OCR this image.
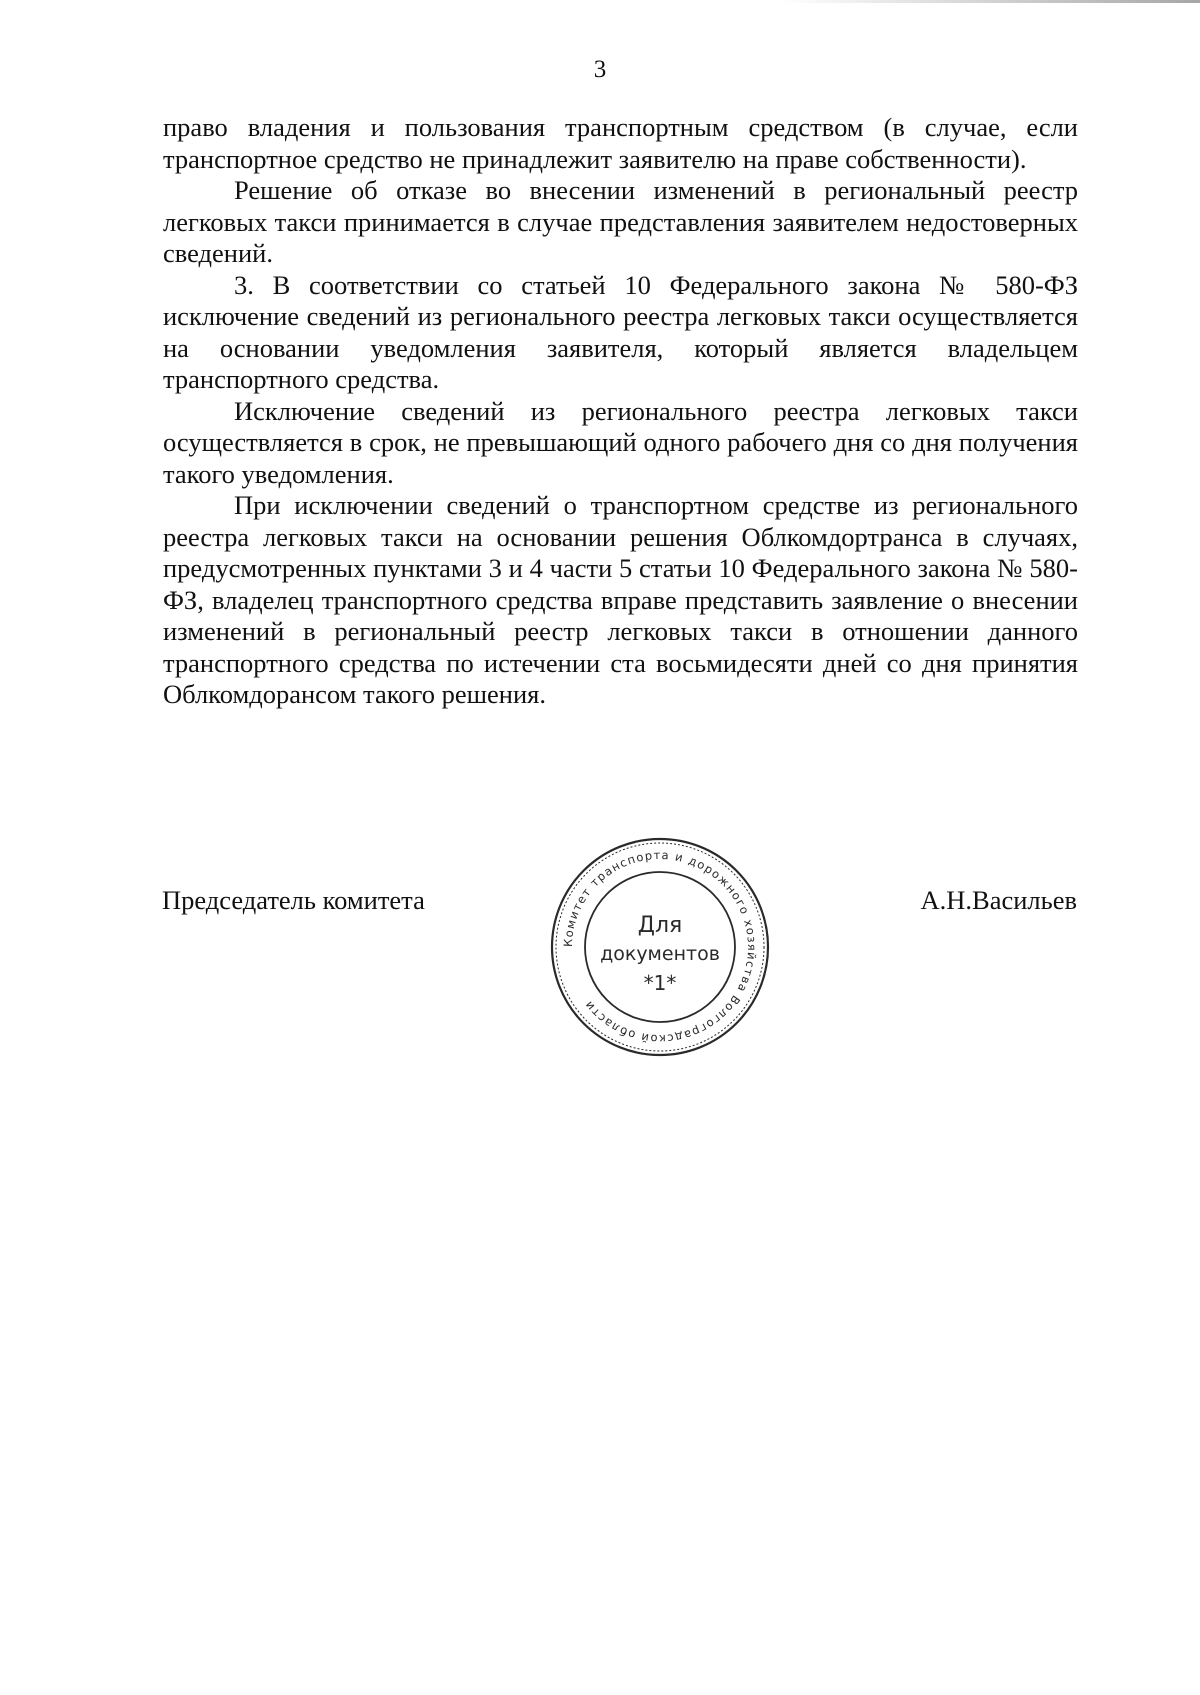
3

право владения и пользования транспортным средством (в случае, если транспортное средство не принадлежит заявителю на праве собственности).

Решение об отказе во внесении изменений в региональный реестр легковых такси принимается в случае представления заявителем недостоверных сведений.

3. В соответствии со статьей 10 Федерального закона № 580-ФЗ исключение сведений из регионального реестра легковых такси осуществляется на основании уведомления заявителя, который является владельцем транспортного средства.

Исключение сведений из регионального реестра легковых такси осуществляется в срок, не превышающий одного рабочего дня со дня получения такого уведомления.

При исключении сведений о транспортном средстве из регионального реестра легковых такси на основании решения Облкомдортранса в случаях, предусмотренных пунктами 3 и 4 части 5 статьи 10 Федерального закона № 580-ФЗ, владелец транспортного средства вправе представить заявление о внесении изменений в региональный реестр легковых такси в отношении данного транспортного средства по истечении ста восьмидесяти дней со дня принятия Облкомдорансом такого решения.

Председатель комитета
Комитет транспорта и дорожного хозяйства Волгоградской области
Для
документов
*1*
А.Н.Васильев
